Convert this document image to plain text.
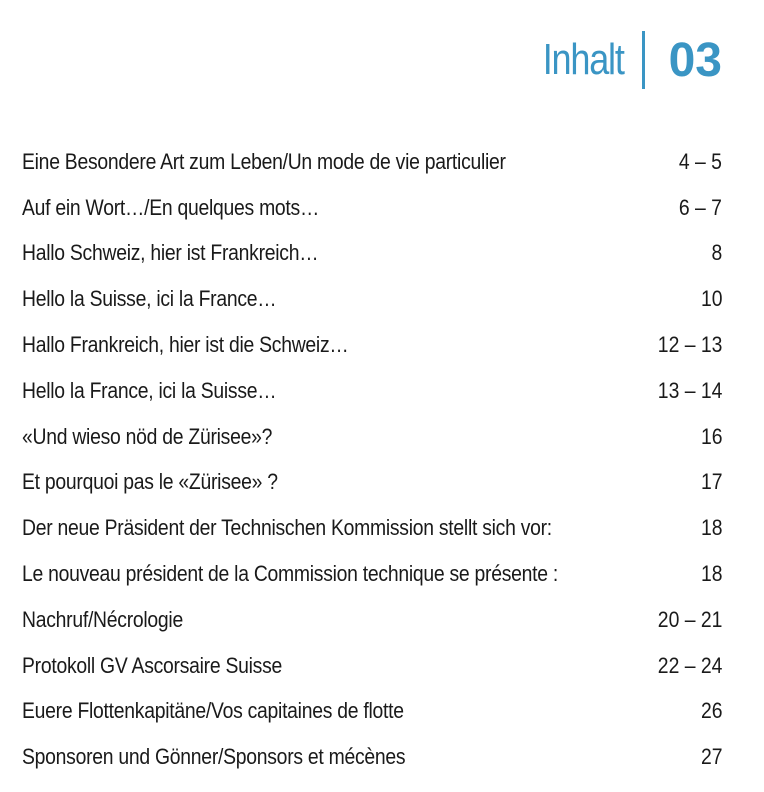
Inhalt 03
Eine Besondere Art zum Leben/Un mode de vie particulier	4 – 5
Auf ein Wort…/En quelques mots…	6 – 7
Hallo Schweiz, hier ist Frankreich…	8
Hello la Suisse, ici la France…	10
Hallo Frankreich, hier ist die Schweiz…	12 – 13
Hello la France, ici la Suisse…	13 – 14
«Und wieso nöd de Zürisee»?	16
Et pourquoi pas le «Zürisee» ?	17
Der neue Präsident der Technischen Kommission stellt sich vor:	18
Le nouveau président de la Commission technique se présente :	18
Nachruf/Nécrologie	20 – 21
Protokoll GV Ascorsaire Suisse	22 – 24
Euere Flottenkapitäne/Vos capitaines de flotte	26
Sponsoren und Gönner/Sponsors et mécènes	27
